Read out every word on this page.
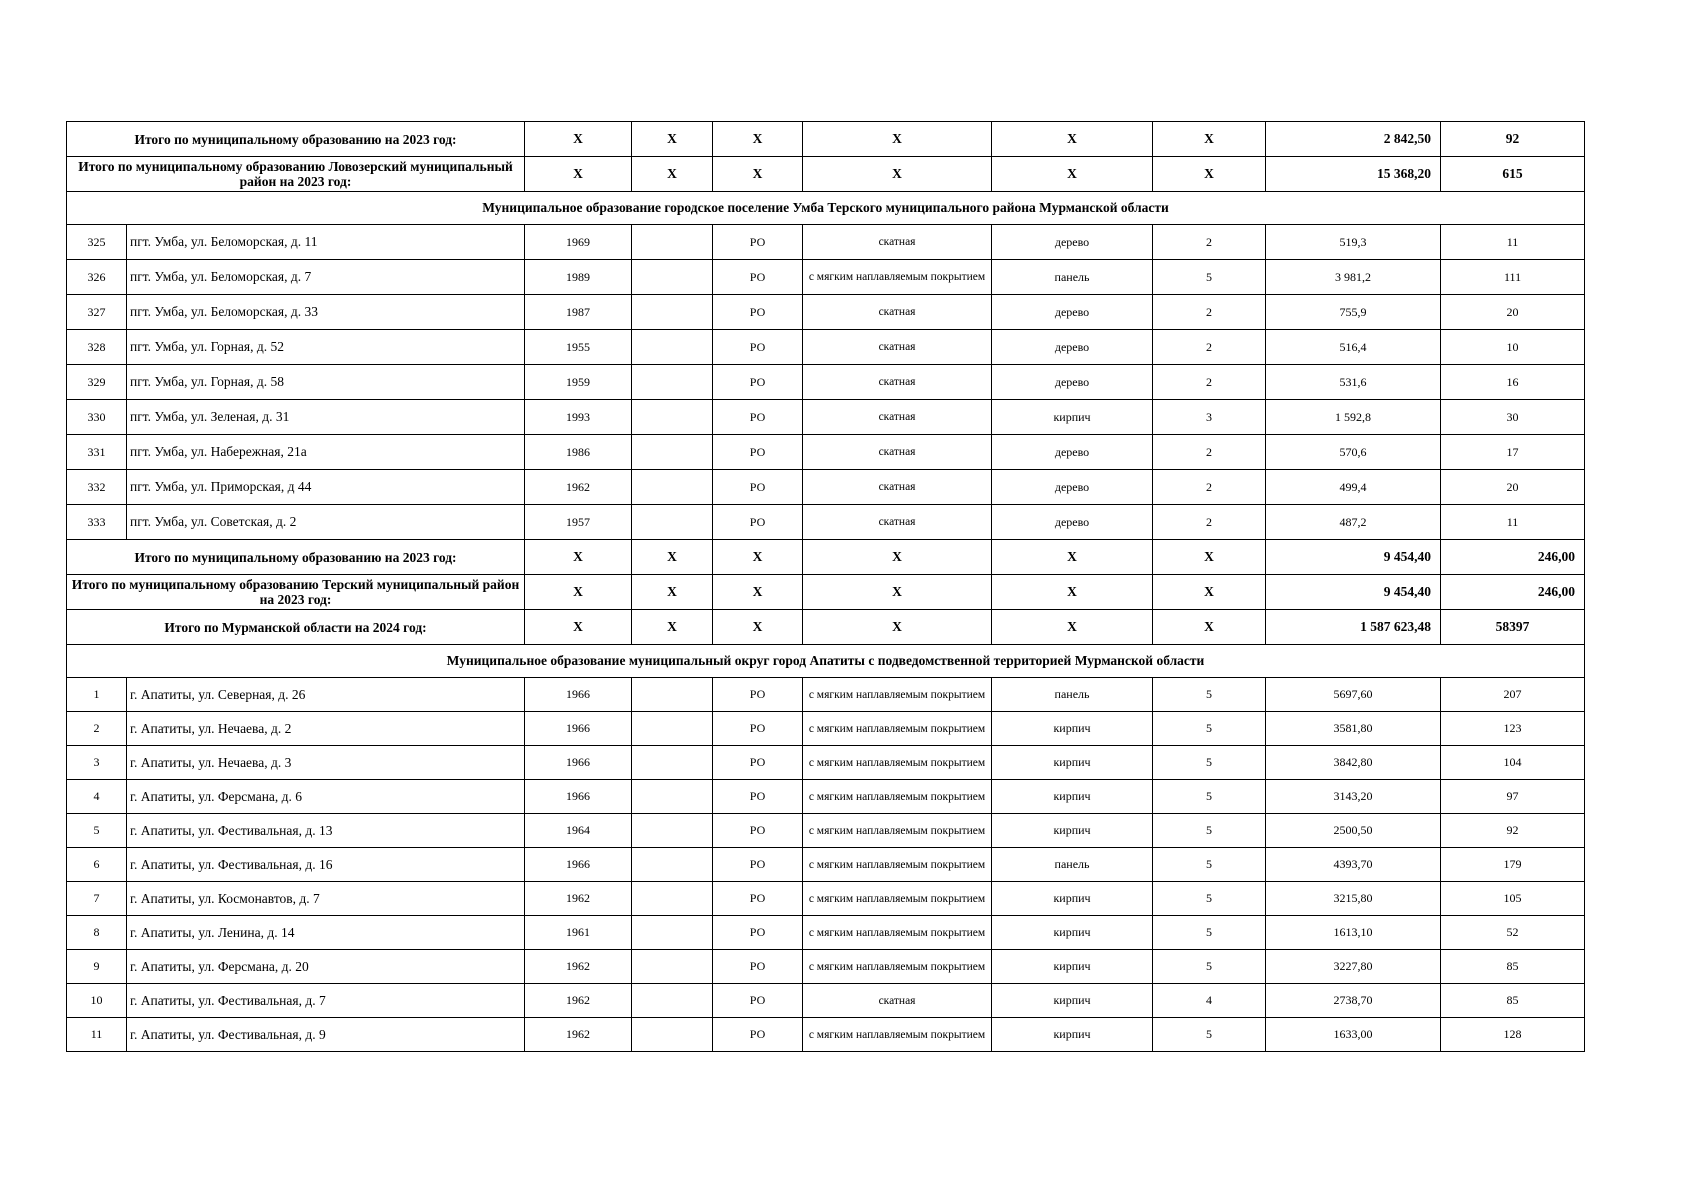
Итого по муниципальному образованию на 2023 год:		X	X	X	X	X	X	2 842,50	92
Итого по муниципальному образованию Ловозерский муниципальный район на 2023 год:		X	X	X	X	X	X	15 368,20	615
Муниципальное образование городское поселение Умба Терского муниципального района Мурманской области									
325	пгт. Умба, ул. Беломорская, д. 11	1969		РО	скатная	дерево	2	519,3	11
326	пгт. Умба, ул. Беломорская, д. 7	1989		РО	с мягким наплавляемым покрытием	панель	5	3 981,2	111
327	пгт. Умба, ул. Беломорская, д. 33	1987		РО	скатная	дерево	2	755,9	20
328	пгт. Умба, ул. Горная, д. 52	1955		РО	скатная	дерево	2	516,4	10
329	пгт. Умба, ул. Горная, д. 58	1959		РО	скатная	дерево	2	531,6	16
330	пгт. Умба, ул. Зеленая, д. 31	1993		РО	скатная	кирпич	3	1 592,8	30
331	пгт. Умба, ул. Набережная, 21а	1986		РО	скатная	дерево	2	570,6	17
332	пгт. Умба, ул. Приморская, д 44	1962		РО	скатная	дерево	2	499,4	20
333	пгт. Умба, ул. Советская, д. 2	1957		РО	скатная	дерево	2	487,2	11
Итого по муниципальному образованию на 2023 год:		X	X	X	X	X	X	9 454,40	246,00
Итого по муниципальному образованию Терский муниципальный район на 2023 год:		X	X	X	X	X	X	9 454,40	246,00
Итого по Мурманской области на 2024 год:		X	X	X	X	X	X	1 587 623,48	58397
Муниципальное образование муниципальный округ город Апатиты с подведомственной территорией Мурманской области									
1	г. Апатиты, ул. Северная, д. 26	1966		РО	с мягким наплавляемым покрытием	панель	5	5697,60	207
2	г. Апатиты, ул. Нечаева, д. 2	1966		РО	с мягким наплавляемым покрытием	кирпич	5	3581,80	123
3	г. Апатиты, ул. Нечаева, д. 3	1966		РО	с мягким наплавляемым покрытием	кирпич	5	3842,80	104
4	г. Апатиты, ул. Ферсмана, д. 6	1966		РО	с мягким наплавляемым покрытием	кирпич	5	3143,20	97
5	г. Апатиты, ул. Фестивальная, д. 13	1964		РО	с мягким наплавляемым покрытием	кирпич	5	2500,50	92
6	г. Апатиты, ул. Фестивальная, д. 16	1966		РО	с мягким наплавляемым покрытием	панель	5	4393,70	179
7	г. Апатиты, ул. Космонавтов, д. 7	1962		РО	с мягким наплавляемым покрытием	кирпич	5	3215,80	105
8	г. Апатиты, ул. Ленина, д. 14	1961		РО	с мягким наплавляемым покрытием	кирпич	5	1613,10	52
9	г. Апатиты, ул. Ферсмана, д. 20	1962		РО	с мягким наплавляемым покрытием	кирпич	5	3227,80	85
10	г. Апатиты, ул. Фестивальная, д. 7	1962		РО	скатная	кирпич	4	2738,70	85
11	г. Апатиты, ул. Фестивальная, д. 9	1962		РО	с мягким наплавляемым покрытием	кирпич	5	1633,00	128
